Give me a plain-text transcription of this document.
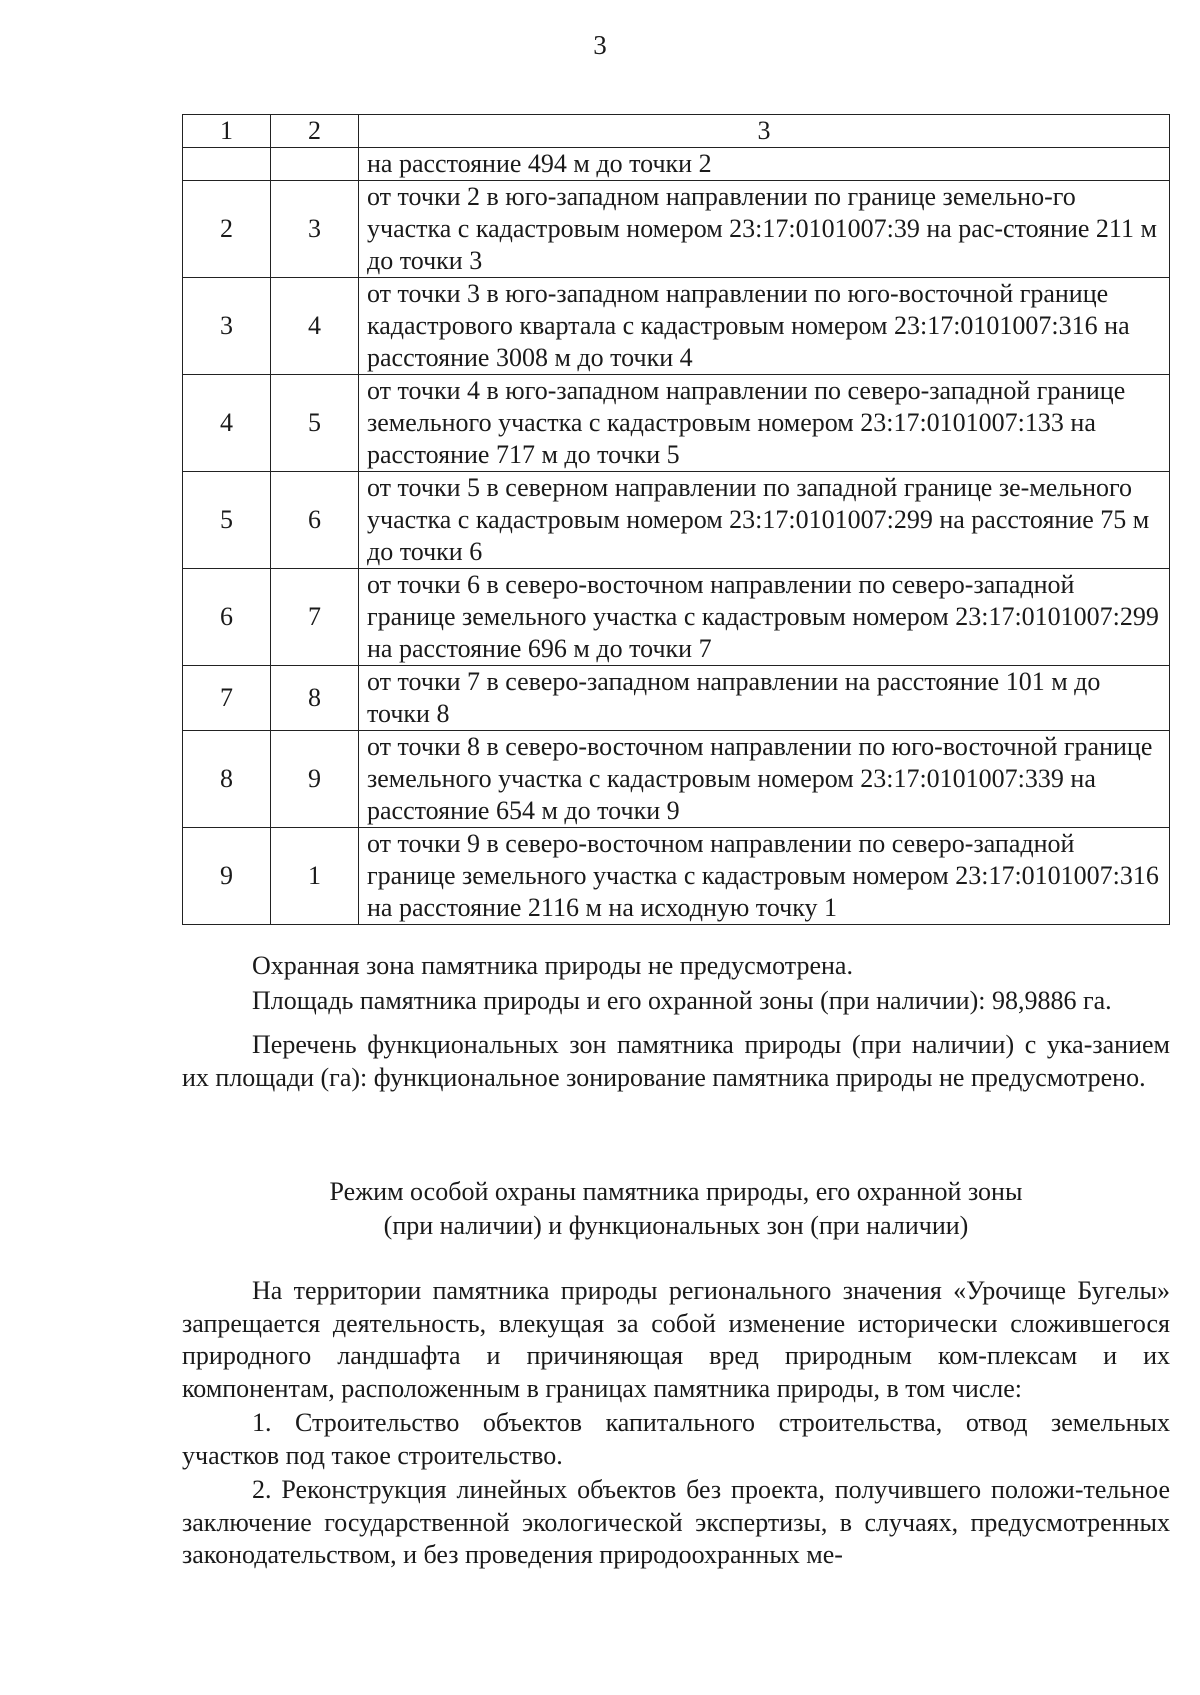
3
1	2	3
		на расстояние 494 м до точки 2
2	3	от точки 2 в юго-западном направлении по границе земельно-го участка с кадастровым номером 23:17:0101007:39 на рас-стояние 211 м до точки 3
3	4	от точки 3 в юго-западном направлении по юго-восточной границе кадастрового квартала с кадастровым номером 23:17:0101007:316 на расстояние 3008 м до точки 4
4	5	от точки 4 в юго-западном направлении по северо-западной границе земельного участка с кадастровым номером 23:17:0101007:133 на расстояние 717 м до точки 5
5	6	от точки 5 в северном направлении по западной границе зе-мельного участка с кадастровым номером 23:17:0101007:299 на расстояние 75 м до точки 6
6	7	от точки 6 в северо-восточном направлении по северо-западной границе земельного участка с кадастровым номером 23:17:0101007:299 на расстояние 696 м до точки 7
7	8	от точки 7 в северо-западном направлении на расстояние 101 м до точки 8
8	9	от точки 8 в северо-восточном направлении по юго-восточной границе земельного участка с кадастровым номером 23:17:0101007:339 на расстояние 654 м до точки 9
9	1	от точки 9 в северо-восточном направлении по северо-западной границе земельного участка с кадастровым номером 23:17:0101007:316 на расстояние 2116 м на исходную точку 1

Охранная зона памятника природы не предусмотрена.

Площадь памятника природы и его охранной зоны (при наличии): 98,9886 га.

Перечень функциональных зон памятника природы (при наличии) с ука-занием их площади (га): функциональное зонирование памятника природы не предусмотрено.

Режим особой охраны памятника природы, его охранной зоны
(при наличии) и функциональных зон (при наличии)

На территории памятника природы регионального значения «Урочище Бугелы» запрещается деятельность, влекущая за собой изменение исторически сложившегося природного ландшафта и причиняющая вред природным ком-плексам и их компонентам, расположенным в границах памятника природы, в том числе:

1. Строительство объектов капитального строительства, отвод земельных участков под такое строительство.

2. Реконструкция линейных объектов без проекта, получившего положи-тельное заключение государственной экологической экспертизы, в случаях, предусмотренных законодательством, и без проведения природоохранных ме-
